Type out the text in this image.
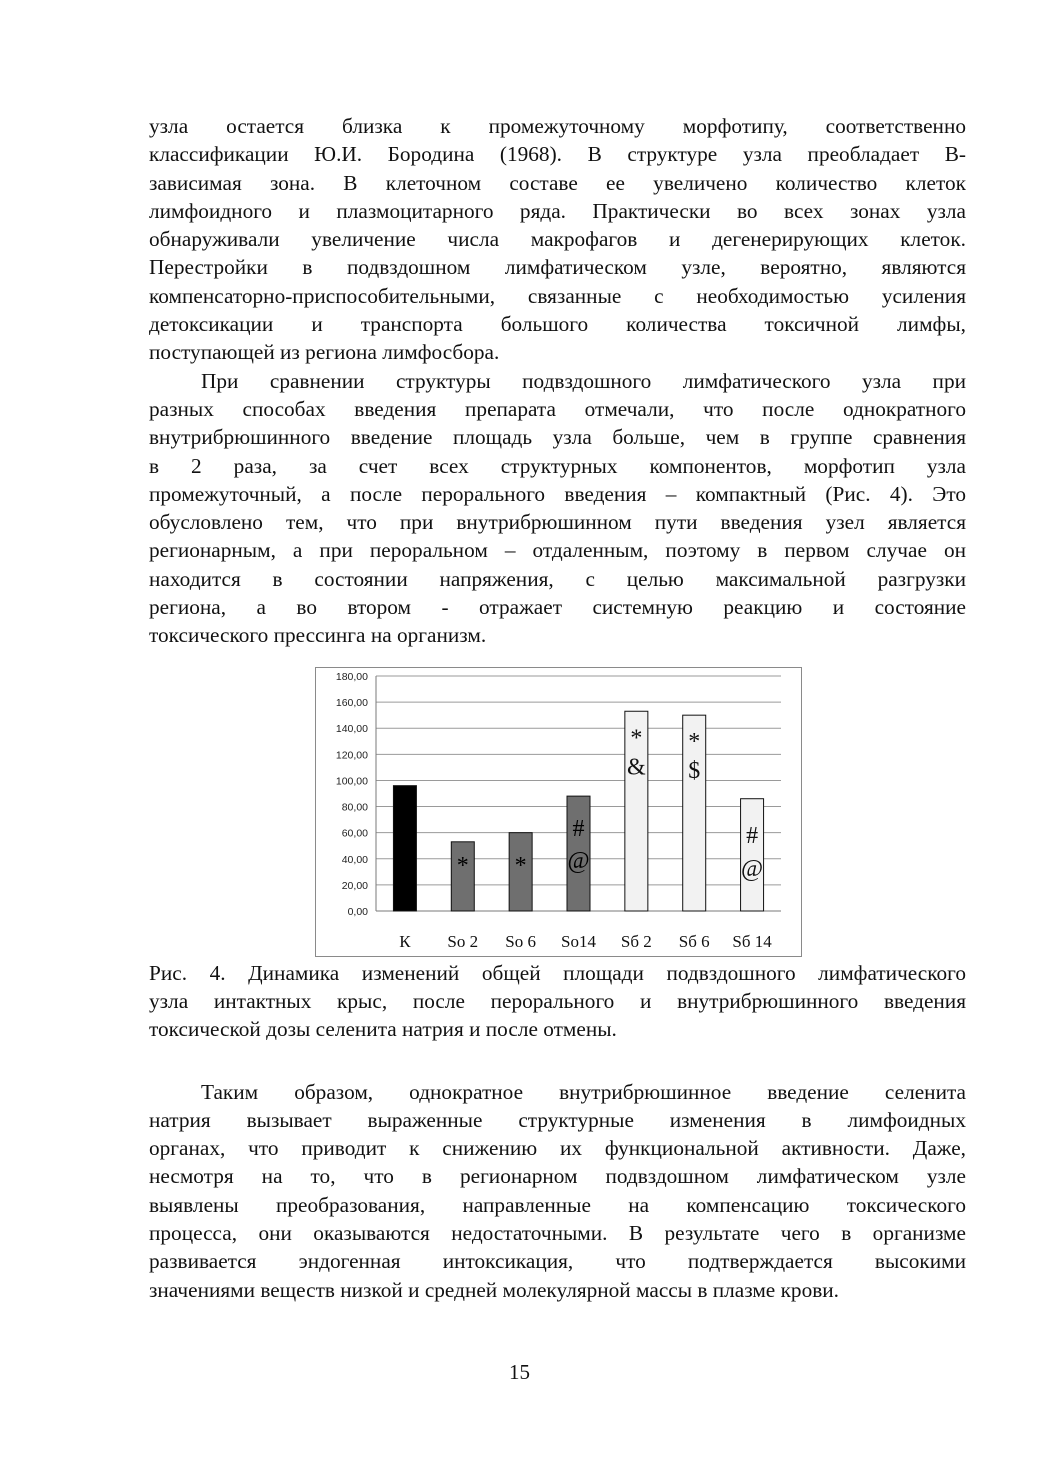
узла остается близка к промежуточному морфотипу, соответственно

классификации Ю.И. Бородина (1968). В структуре узла преобладает В-

зависимая зона. В клеточном составе ее увеличено количество клеток

лимфоидного и плазмоцитарного ряда. Практически во всех зонах узла

обнаруживали увеличение числа макрофагов и дегенерирующих клеток.

Перестройки в подвздошном лимфатическом узле, вероятно, являются

компенсаторно-приспособительными, связанные с необходимостью усиления

детоксикации и транспорта большого количества токсичной лимфы,

поступающей из региона лимфосбора.

При сравнении структуры подвздошного лимфатического узла при

разных способах введения препарата отмечали, что после однократного

внутрибрюшинного введение площадь узла больше, чем в группе сравнения

в 2 раза, за счет всех структурных компонентов, морфотип узла

промежуточный, а после перорального введения – компактный (Рис. 4). Это

обусловлено тем, что при внутрибрюшинном пути введения узел является

регионарным, а при пероральном – отдаленным, поэтому в первом случае он

находится в состоянии напряжения, с целью максимальной разгрузки

региона, а во втором - отражает системную реакцию и состояние

токсического прессинга на организм.

0,00
20,00
40,00
60,00
80,00
100,00
120,00
140,00
160,00
180,00
К So 2
*
So 6
*
So14
#
@
Sб 2
*
&
Sб 6
*
$
Sб 14
#
@

Рис. 4. Динамика изменений общей площади подвздошного лимфатического

узла интактных крыс, после перорального и внутрибрюшинного введения

токсической дозы селенита натрия и после отмены.

Таким образом, однократное внутрибрюшинное введение селенита

натрия вызывает выраженные структурные изменения в лимфоидных

органах, что приводит к снижению их функциональной активности. Даже,

несмотря на то, что в регионарном подвздошном лимфатическом узле

выявлены преобразования, направленные на компенсацию токсического

процесса, они оказываются недостаточными. В результате чего в организме

развивается эндогенная интоксикация, что подтверждается высокими

значениями веществ низкой и средней молекулярной массы в плазме крови.

15
